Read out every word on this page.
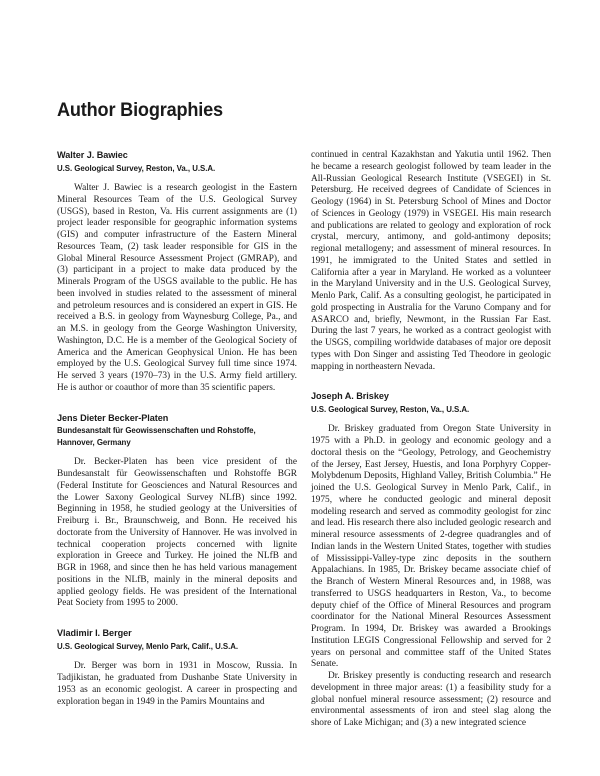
Author Biographies
Walter J. Bawiec
U.S. Geological Survey, Reston, Va., U.S.A.

Walter J. Bawiec is a research geologist in the Eastern Mineral Resources Team of the U.S. Geological Survey (USGS), based in Reston, Va. His current assignments are (1) project leader responsible for geographic information systems (GIS) and computer infrastructure of the Eastern Mineral Resources Team, (2) task leader responsible for GIS in the Global Mineral Resource Assessment Project (GMRAP), and (3) participant in a project to make data produced by the Minerals Program of the USGS available to the public. He has been involved in studies related to the assessment of mineral and petroleum resources and is considered an expert in GIS. He received a B.S. in geology from Waynesburg College, Pa., and an M.S. in geology from the George Washington University, Washington, D.C. He is a member of the Geological Society of America and the American Geophysical Union. He has been employed by the U.S. Geological Survey full time since 1974. He served 3 years (1970–73) in the U.S. Army field artillery. He is author or coauthor of more than 35 scientific papers.

Jens Dieter Becker-Platen
Bundesanstalt für Geowissenschaften und Rohstoffe, Hannover, Germany

Dr. Becker-Platen has been vice president of the Bundesanstalt für Geowissenschaften und Rohstoffe BGR (Federal Institute for Geosciences and Natural Resources and the Lower Saxony Geological Survey NLfB) since 1992. Beginning in 1958, he studied geology at the Universities of Freiburg i. Br., Braunschweig, and Bonn. He received his doctorate from the University of Hannover. He was involved in technical cooperation projects concerned with lignite exploration in Greece and Turkey. He joined the NLfB and BGR in 1968, and since then he has held various management positions in the NLfB, mainly in the mineral deposits and applied geology fields. He was president of the International Peat Society from 1995 to 2000.

Vladimir I. Berger
U.S. Geological Survey, Menlo Park, Calif., U.S.A.

Dr. Berger was born in 1931 in Moscow, Russia. In Tadjikistan, he graduated from Dushanbe State University in 1953 as an economic geologist. A career in prospecting and exploration began in 1949 in the Pamirs Mountains and

continued in central Kazakhstan and Yakutia until 1962. Then he became a research geologist followed by team leader in the All-Russian Geological Research Institute (VSEGEI) in St. Petersburg. He received degrees of Candidate of Sciences in Geology (1964) in St. Petersburg School of Mines and Doctor of Sciences in Geology (1979) in VSEGEI. His main research and publications are related to geology and exploration of rock crystal, mercury, antimony, and gold-antimony deposits; regional metallogeny; and assessment of mineral resources. In 1991, he immigrated to the United States and settled in California after a year in Maryland. He worked as a volunteer in the Maryland University and in the U.S. Geological Survey, Menlo Park, Calif. As a consulting geologist, he participated in gold prospecting in Australia for the Varuno Company and for ASARCO and, briefly, Newmont, in the Russian Far East. During the last 7 years, he worked as a contract geologist with the USGS, compiling worldwide databases of major ore deposit types with Don Singer and assisting Ted Theodore in geologic mapping in northeastern Nevada.

Joseph A. Briskey
U.S. Geological Survey, Reston, Va., U.S.A.

Dr. Briskey graduated from Oregon State University in 1975 with a Ph.D. in geology and economic geology and a doctoral thesis on the “Geology, Petrology, and Geochemistry of the Jersey, East Jersey, Huestis, and Iona Porphyry Copper-Molybdenum Deposits, Highland Valley, British Columbia.” He joined the U.S. Geological Survey in Menlo Park, Calif., in 1975, where he conducted geologic and mineral deposit modeling research and served as commodity geologist for zinc and lead. His research there also included geologic research and mineral resource assessments of 2-degree quadrangles and of Indian lands in the Western United States, together with studies of Mississippi-Valley-type zinc deposits in the southern Appalachians. In 1985, Dr. Briskey became associate chief of the Branch of Western Mineral Resources and, in 1988, was transferred to USGS headquarters in Reston, Va., to become deputy chief of the Office of Mineral Resources and program coordinator for the National Mineral Resources Assessment Program. In 1994, Dr. Briskey was awarded a Brookings Institution LEGIS Congressional Fellowship and served for 2 years on personal and committee staff of the United States Senate.

Dr. Briskey presently is conducting research and research development in three major areas: (1) a feasibility study for a global nonfuel mineral resource assessment; (2) resource and environmental assessments of iron and steel slag along the shore of Lake Michigan; and (3) a new integrated science
